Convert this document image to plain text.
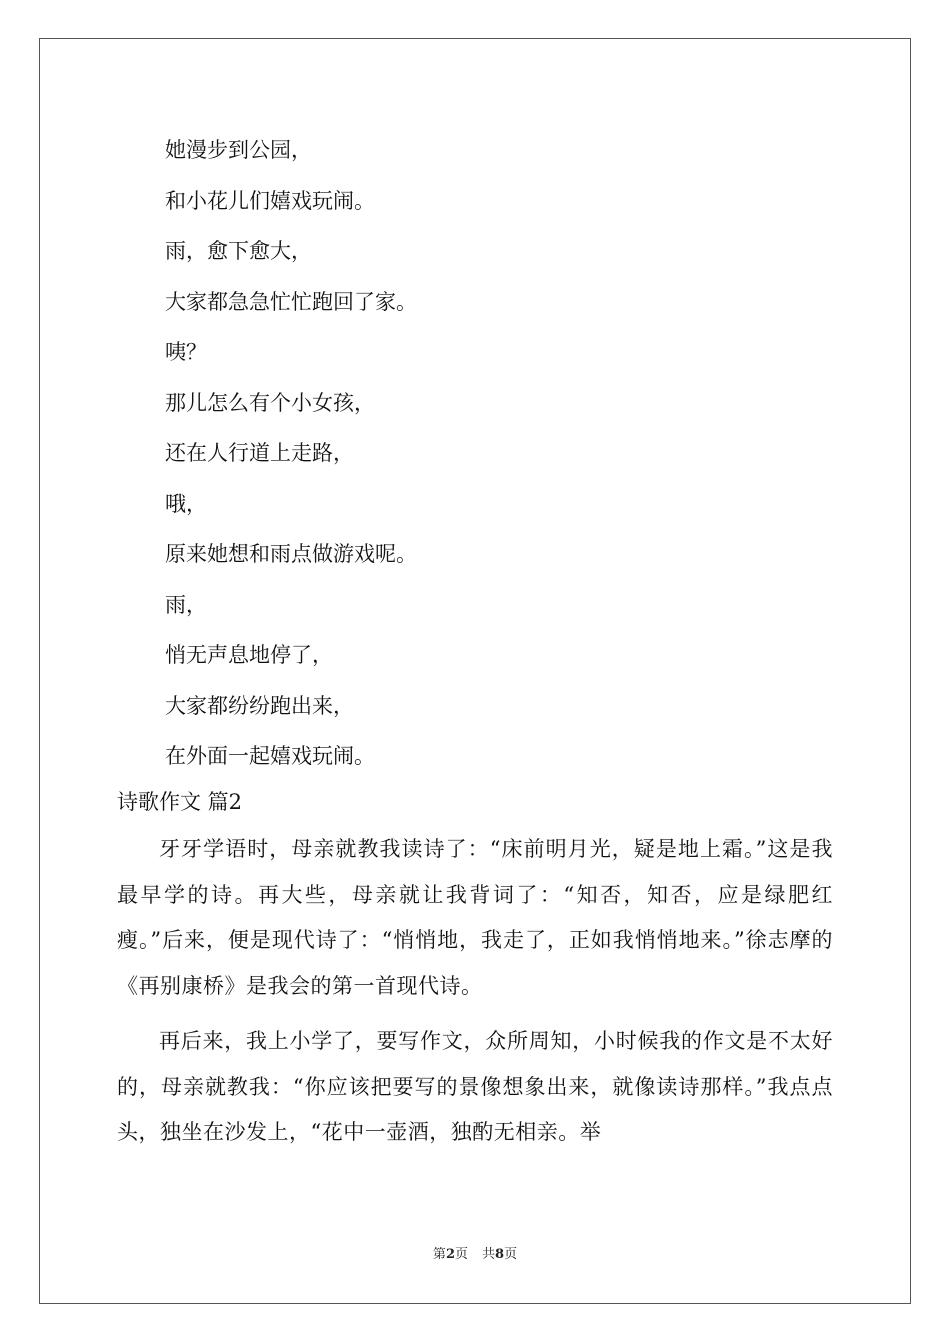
她漫步到公园，
和小花儿们嬉戏玩闹。
雨，愈下愈大，
大家都急急忙忙跑回了家。
咦？
那儿怎么有个小女孩，
还在人行道上走路，
哦，
原来她想和雨点做游戏呢。
雨，
悄无声息地停了，
大家都纷纷跑出来，
在外面一起嬉戏玩闹。
诗歌作文 篇2

牙牙学语时，母亲就教我读诗了：“床前明月光，疑是地上霜。”这是我最早学的诗。再大些，母亲就让我背词了：“知否，知否，应是绿肥红瘦。”后来，便是现代诗了：“悄悄地，我走了，正如我悄悄地来。”徐志摩的《再别康桥》是我会的第一首现代诗。

再后来，我上小学了，要写作文，众所周知，小时候我的作文是不太好的，母亲就教我：“你应该把要写的景像想象出来，就像读诗那样。”我点点头，独坐在沙发上，“花中一壶酒，独酌无相亲。举

第2页 共8页
